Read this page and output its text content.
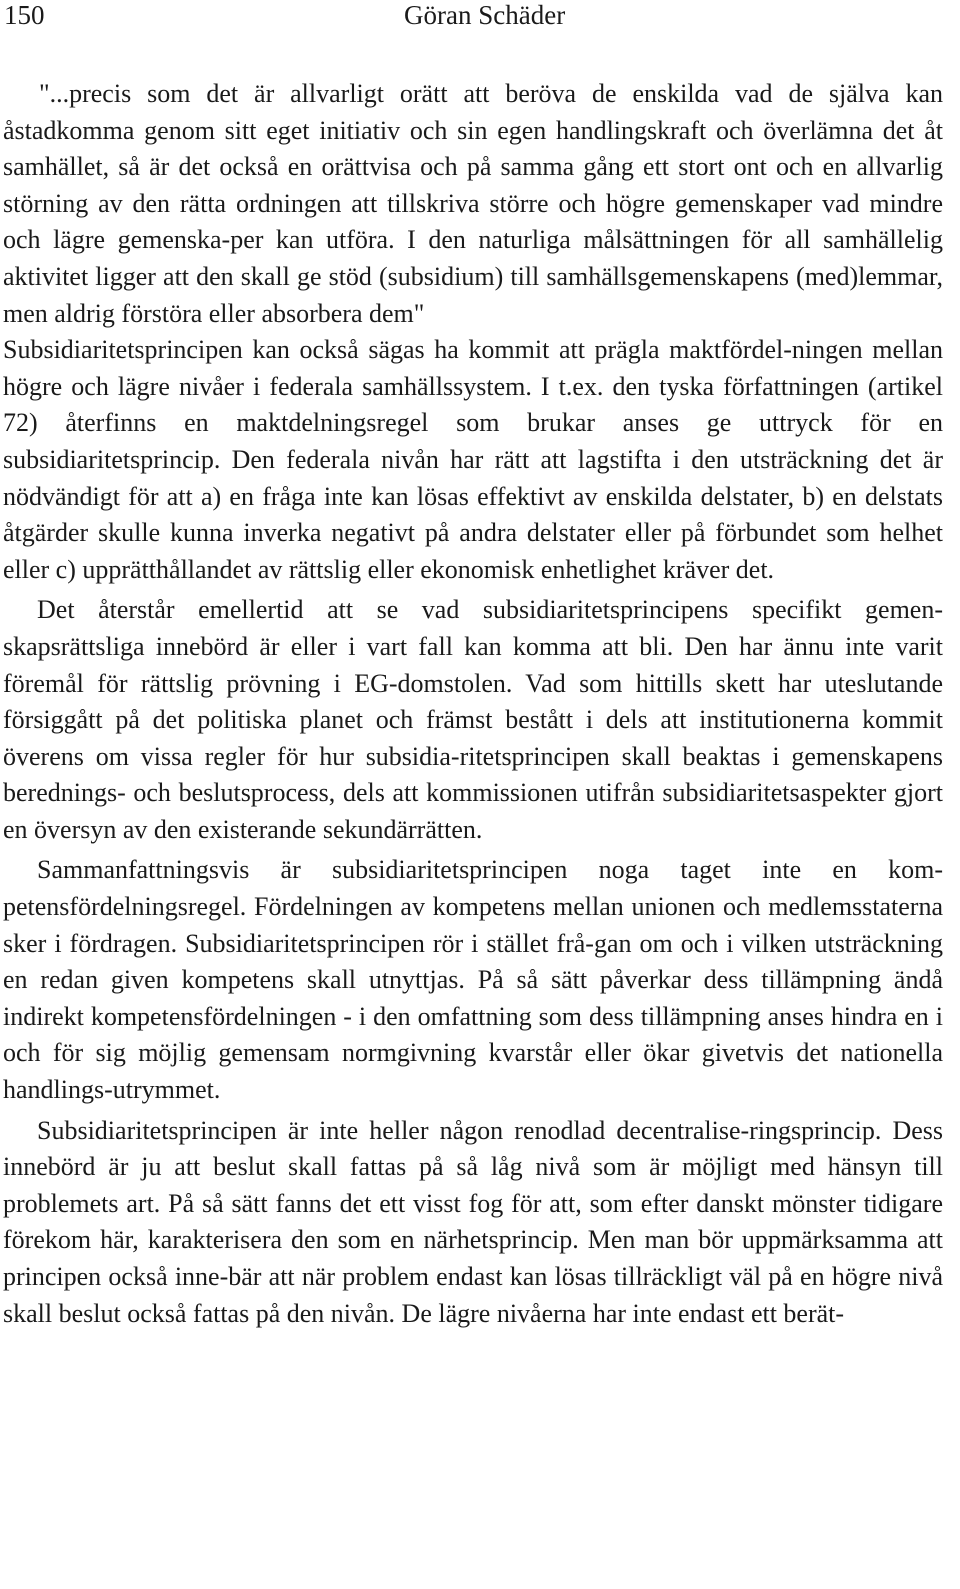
150	Göran Schäder

"...precis som det är allvarligt orätt att beröva de enskilda vad de själva kan åstadkomma genom sitt eget initiativ och sin egen handlingskraft och överlämna det åt samhället, så är det också en orättvisa och på samma gång ett stort ont och en allvarlig störning av den rätta ordningen att tillskriva större och högre gemenskaper vad mindre och lägre gemenska-per kan utföra. I den naturliga målsättningen för all samhällelig aktivitet ligger att den skall ge stöd (subsidium) till samhällsgemenskapens (med)lemmar, men aldrig förstöra eller absorbera dem"

Subsidiaritetsprincipen kan också sägas ha kommit att prägla maktfördel-ningen mellan högre och lägre nivåer i federala samhällssystem. I t.ex. den tyska författningen (artikel 72) återfinns en maktdelningsregel som brukar anses ge uttryck för en subsidiaritetsprincip. Den federala nivån har rätt att lagstifta i den utsträckning det är nödvändigt för att a) en fråga inte kan lösas effektivt av enskilda delstater, b) en delstats åtgärder skulle kunna inverka negativt på andra delstater eller på förbundet som helhet eller c) upprätthållandet av rättslig eller ekonomisk enhetlighet kräver det.

Det återstår emellertid att se vad subsidiaritetsprincipens specifikt gemen-skapsrättsliga innebörd är eller i vart fall kan komma att bli. Den har ännu inte varit föremål för rättslig prövning i EG-domstolen. Vad som hittills skett har uteslutande försiggått på det politiska planet och främst bestått i dels att institutionerna kommit överens om vissa regler för hur subsidia-ritetsprincipen skall beaktas i gemenskapens berednings- och beslutsprocess, dels att kommissionen utifrån subsidiaritetsaspekter gjort en översyn av den existerande sekundärrätten.

Sammanfattningsvis är subsidiaritetsprincipen noga taget inte en kom-petensfördelningsregel. Fördelningen av kompetens mellan unionen och medlemsstaterna sker i fördragen. Subsidiaritetsprincipen rör i stället frå-gan om och i vilken utsträckning en redan given kompetens skall utnyttjas. På så sätt påverkar dess tillämpning ändå indirekt kompetensfördelningen - i den omfattning som dess tillämpning anses hindra en i och för sig möjlig gemensam normgivning kvarstår eller ökar givetvis det nationella handlings-utrymmet.

Subsidiaritetsprincipen är inte heller någon renodlad decentralise-ringsprincip. Dess innebörd är ju att beslut skall fattas på så låg nivå som är möjligt med hänsyn till problemets art. På så sätt fanns det ett visst fog för att, som efter danskt mönster tidigare förekom här, karakterisera den som en närhetsprincip. Men man bör uppmärksamma att principen också inne-bär att när problem endast kan lösas tillräckligt väl på en högre nivå skall beslut också fattas på den nivån. De lägre nivåerna har inte endast ett berät-
